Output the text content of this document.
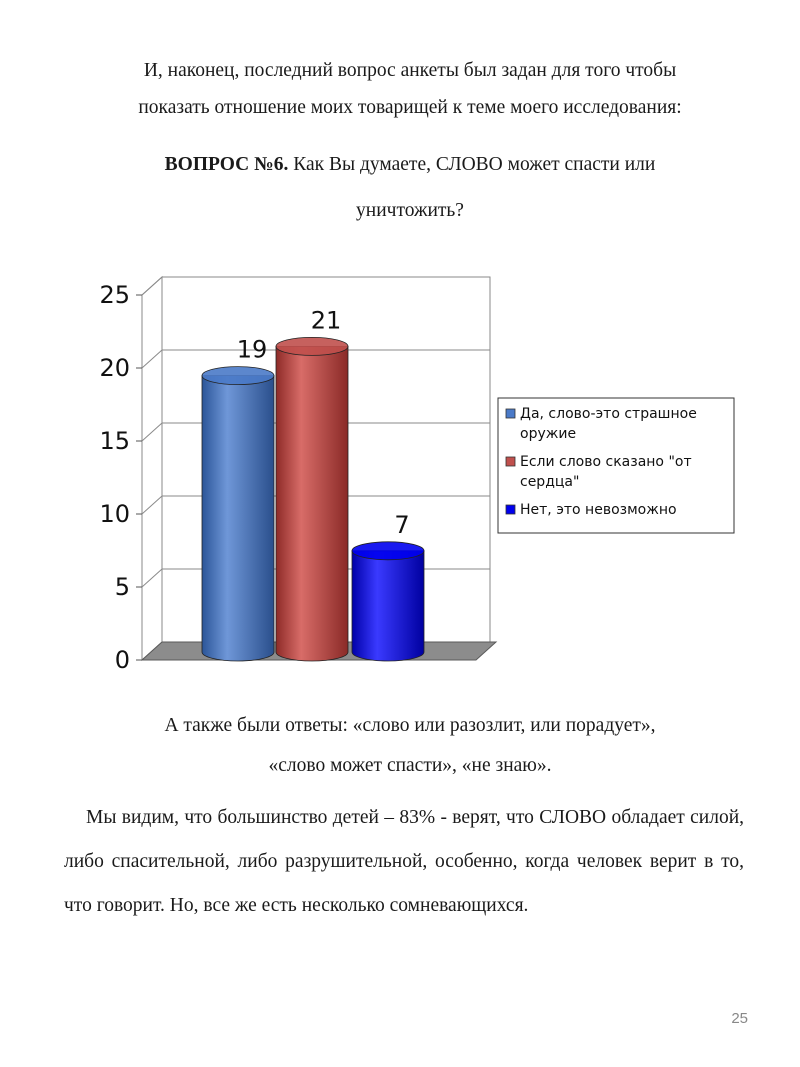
И, наконец, последний вопрос анкеты был задан для того чтобы

показать отношение моих товарищей к теме моего исследования:

ВОПРОС №6. Как Вы думаете, СЛОВО может спасти или
уничтожить?
0
5
10
15
20
25
19
21
7
Да, слово-это страшное
оружие
Если слово сказано "от
сердца"
Нет, это невозможно

А также были ответы: «слово или разозлит, или порадует»,

«слово может спасти», «не знаю».

Мы видим, что большинство детей – 83% - верят, что СЛОВО обладает силой, либо спасительной, либо разрушительной, особенно, когда человек верит в то, что говорит. Но, все же есть несколько сомневающихся.
25
